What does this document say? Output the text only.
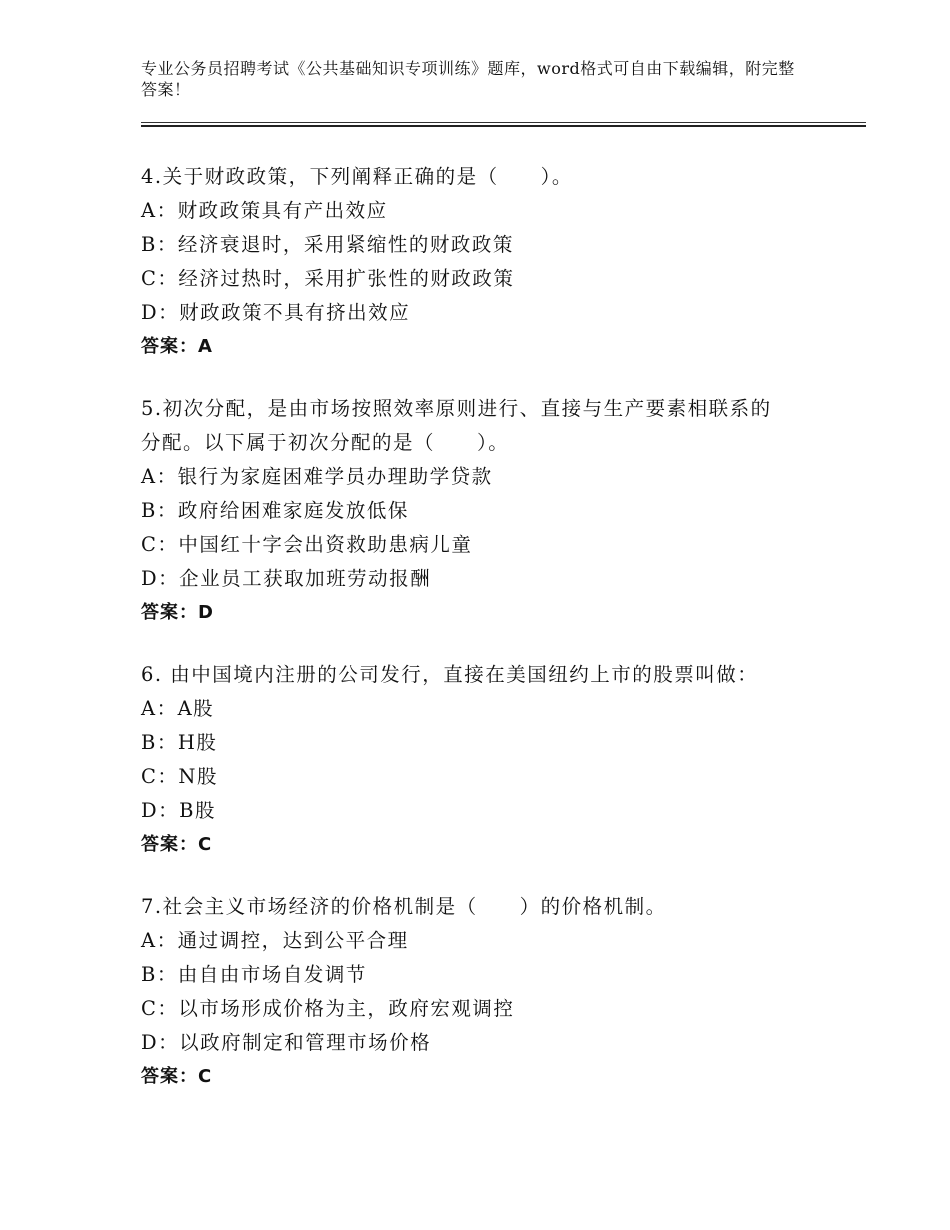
专业公务员招聘考试《公共基础知识专项训练》题库，word格式可自由下载编辑，附完整答案！
4.关于财政政策，下列阐释正确的是（　　）。
A：财政政策具有产出效应
B：经济衰退时，采用紧缩性的财政政策
C：经济过热时，采用扩张性的财政政策
D：财政政策不具有挤出效应
答案：A
5.初次分配，是由市场按照效率原则进行、直接与生产要素相联系的
分配。以下属于初次分配的是（　　）。
A：银行为家庭困难学员办理助学贷款
B：政府给困难家庭发放低保
C：中国红十字会出资救助患病儿童
D：企业员工获取加班劳动报酬
答案：D
6. 由中国境内注册的公司发行，直接在美国纽约上市的股票叫做：
A：A股
B：H股
C：N股
D：B股
答案：C
7.社会主义市场经济的价格机制是（　　）的价格机制。
A：通过调控，达到公平合理
B：由自由市场自发调节
C：以市场形成价格为主，政府宏观调控
D：以政府制定和管理市场价格
答案：C
